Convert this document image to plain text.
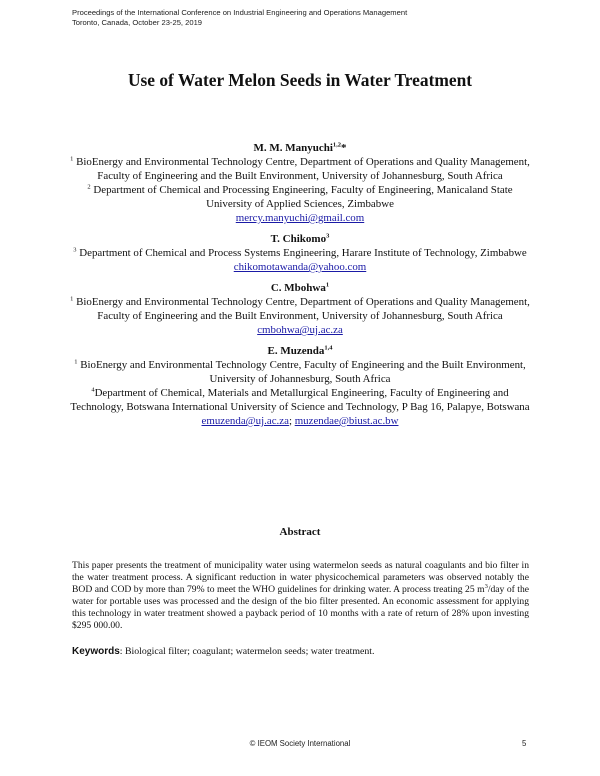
Proceedings of the International Conference on Industrial Engineering and Operations Management
Toronto, Canada, October 23-25, 2019
Use of Water Melon Seeds in Water Treatment
M. M. Manyuchi$^{1,2}$*
$^1$ BioEnergy and Environmental Technology Centre, Department of Operations and Quality Management, Faculty of Engineering and the Built Environment, University of Johannesburg, South Africa
$^2$ Department of Chemical and Processing Engineering, Faculty of Engineering, Manicaland State University of Applied Sciences, Zimbabwe
mercy.manyuchi@gmail.com
T. Chikomo$^3$
$^3$ Department of Chemical and Process Systems Engineering, Harare Institute of Technology, Zimbabwe
chikomotawanda@yahoo.com
C. Mbohwa$^1$
$^1$ BioEnergy and Environmental Technology Centre, Department of Operations and Quality Management, Faculty of Engineering and the Built Environment, University of Johannesburg, South Africa
cmbohwa@uj.ac.za
E. Muzenda$^{1,4}$
$^1$ BioEnergy and Environmental Technology Centre, Faculty of Engineering and the Built Environment, University of Johannesburg, South Africa
$^4$Department of Chemical, Materials and Metallurgical Engineering, Faculty of Engineering and Technology, Botswana International University of Science and Technology, P Bag 16, Palapye, Botswana
emuzenda@uj.ac.za; muzendae@biust.ac.bw
Abstract
This paper presents the treatment of municipality water using watermelon seeds as natural coagulants and bio filter in the water treatment process. A significant reduction in water physicochemical parameters was observed notably the BOD and COD by more than 79% to meet the WHO guidelines for drinking water. A process treating 25 $m^3$/day of the water for portable uses was processed and the design of the bio filter presented. An economic assessment for applying this technology in water treatment showed a payback period of 10 months with a rate of return of 28% upon investing $295 000.00.
Keywords: Biological filter; coagulant; watermelon seeds; water treatment.
© IEOM Society International	5
